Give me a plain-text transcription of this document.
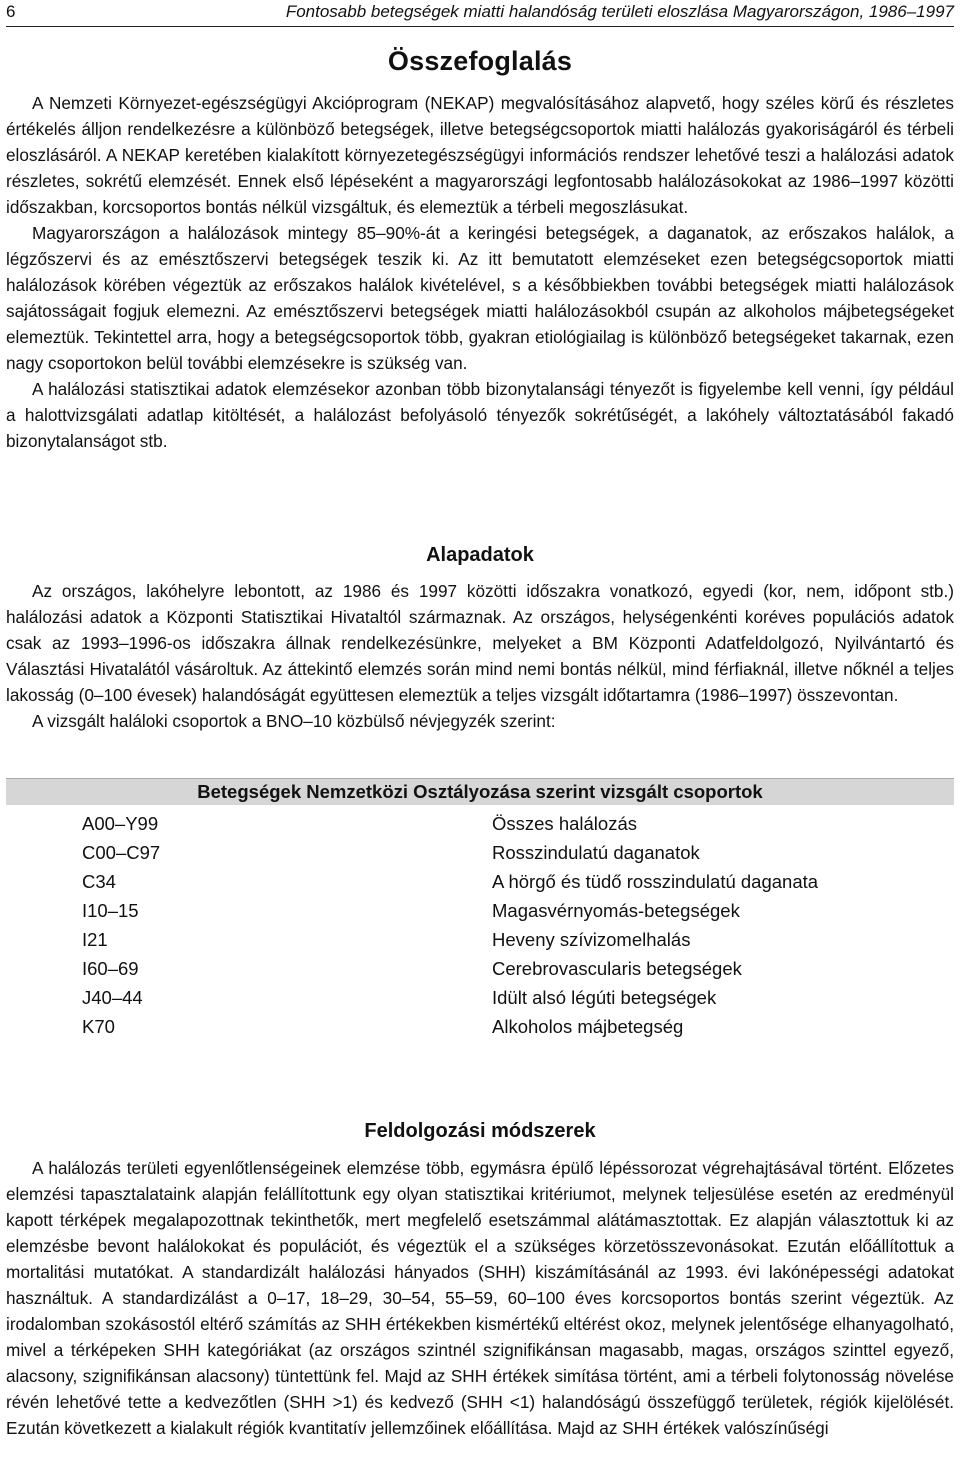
6	Fontosabb betegségek miatti halandóság területi eloszlása Magyarországon, 1986–1997
Összefoglalás

A Nemzeti Környezet-egészségügyi Akcióprogram (NEKAP) megvalósításához alapvető, hogy széles körű és részletes értékelés álljon rendelkezésre a különböző betegségek, illetve betegségcsoportok miatti halálozás gyakoriságáról és térbeli eloszlásáról. A NEKAP keretében kialakított környezetegészségügyi információs rendszer lehetővé teszi a halálozási adatok részletes, sokrétű elemzését. Ennek első lépéseként a magyarországi legfontosabb halálozásokokat az 1986–1997 közötti időszakban, korcsoportos bontás nélkül vizsgáltuk, és elemeztük a térbeli megoszlásukat.

Magyarországon a halálozások mintegy 85–90%-át a keringési betegségek, a daganatok, az erőszakos halálok, a légzőszervi és az emésztőszervi betegségek teszik ki. Az itt bemutatott elemzéseket ezen betegségcsoportok miatti halálozások körében végeztük az erőszakos halálok kivételével, s a későbbiekben további betegségek miatti halálozások sajátosságait fogjuk elemezni. Az emésztőszervi betegségek miatti halálozásokból csupán az alkoholos májbetegségeket elemeztük. Tekintettel arra, hogy a betegségcsoportok több, gyakran etiológiailag is különböző betegségeket takarnak, ezen nagy csoportokon belül további elemzésekre is szükség van.

A halálozási statisztikai adatok elemzésekor azonban több bizonytalansági tényezőt is figyelembe kell venni, így például a halottvizsgálati adatlap kitöltését, a halálozást befolyásoló tényezők sokrétűségét, a lakóhely változtatásából fakadó bizonytalanságot stb.

Alapadatok

Az országos, lakóhelyre lebontott, az 1986 és 1997 közötti időszakra vonatkozó, egyedi (kor, nem, időpont stb.) halálozási adatok a Központi Statisztikai Hivataltól származnak. Az országos, helységenkénti koréves populációs adatok csak az 1993–1996-os időszakra állnak rendelkezésünkre, melyeket a BM Központi Adatfeldolgozó, Nyilvántartó és Választási Hivatalától vásároltuk. Az áttekintő elemzés során mind nemi bontás nélkül, mind férfiaknál, illetve nőknél a teljes lakosság (0–100 évesek) halandóságát együttesen elemeztük a teljes vizsgált időtartamra (1986–1997) összevontan.

A vizsgált haláloki csoportok a BNO–10 közbülső névjegyzék szerint:

Betegségek Nemzetközi Osztályozása szerint vizsgált csoportok
A00–Y99	Összes halálozás
C00–C97	Rosszindulatú daganatok
C34	A hörgő és tüdő rosszindulatú daganata
I10–15	Magasvérnyomás-betegségek
I21	Heveny szívizomelhalás
I60–69	Cerebrovascularis betegségek
J40–44	Idült alsó légúti betegségek
K70	Alkoholos májbetegség
Feldolgozási módszerek

A halálozás területi egyenlőtlenségeinek elemzése több, egymásra épülő lépéssorozat végrehajtásával történt. Előzetes elemzési tapasztalataink alapján felállítottunk egy olyan statisztikai kritériumot, melynek teljesülése esetén az eredményül kapott térképek megalapozottnak tekinthetők, mert megfelelő esetszámmal alátámasztottak. Ez alapján választottuk ki az elemzésbe bevont halálokokat és populációt, és végeztük el a szükséges körzetösszevonásokat. Ezután előállítottuk a mortalitási mutatókat. A standardizált halálozási hányados (SHH) kiszámításánál az 1993. évi lakónépességi adatokat használtuk. A standardizálást a 0–17, 18–29, 30–54, 55–59, 60–100 éves korcsoportos bontás szerint végeztük. Az irodalomban szokásostól eltérő számítás az SHH értékekben kismértékű eltérést okoz, melynek jelentősége elhanyagolható, mivel a térképeken SHH kategóriákat (az országos szintnél szignifikánsan magasabb, magas, országos szinttel egyező, alacsony, szignifikánsan alacsony) tüntettünk fel. Majd az SHH értékek simítása történt, ami a térbeli folytonosság növelése révén lehetővé tette a kedvezőtlen (SHH >1) és kedvező (SHH <1) halandóságú összefüggő területek, régiók kijelölését. Ezután következett a kialakult régiók kvantitatív jellemzőinek előállítása. Majd az SHH értékek valószínűségi
